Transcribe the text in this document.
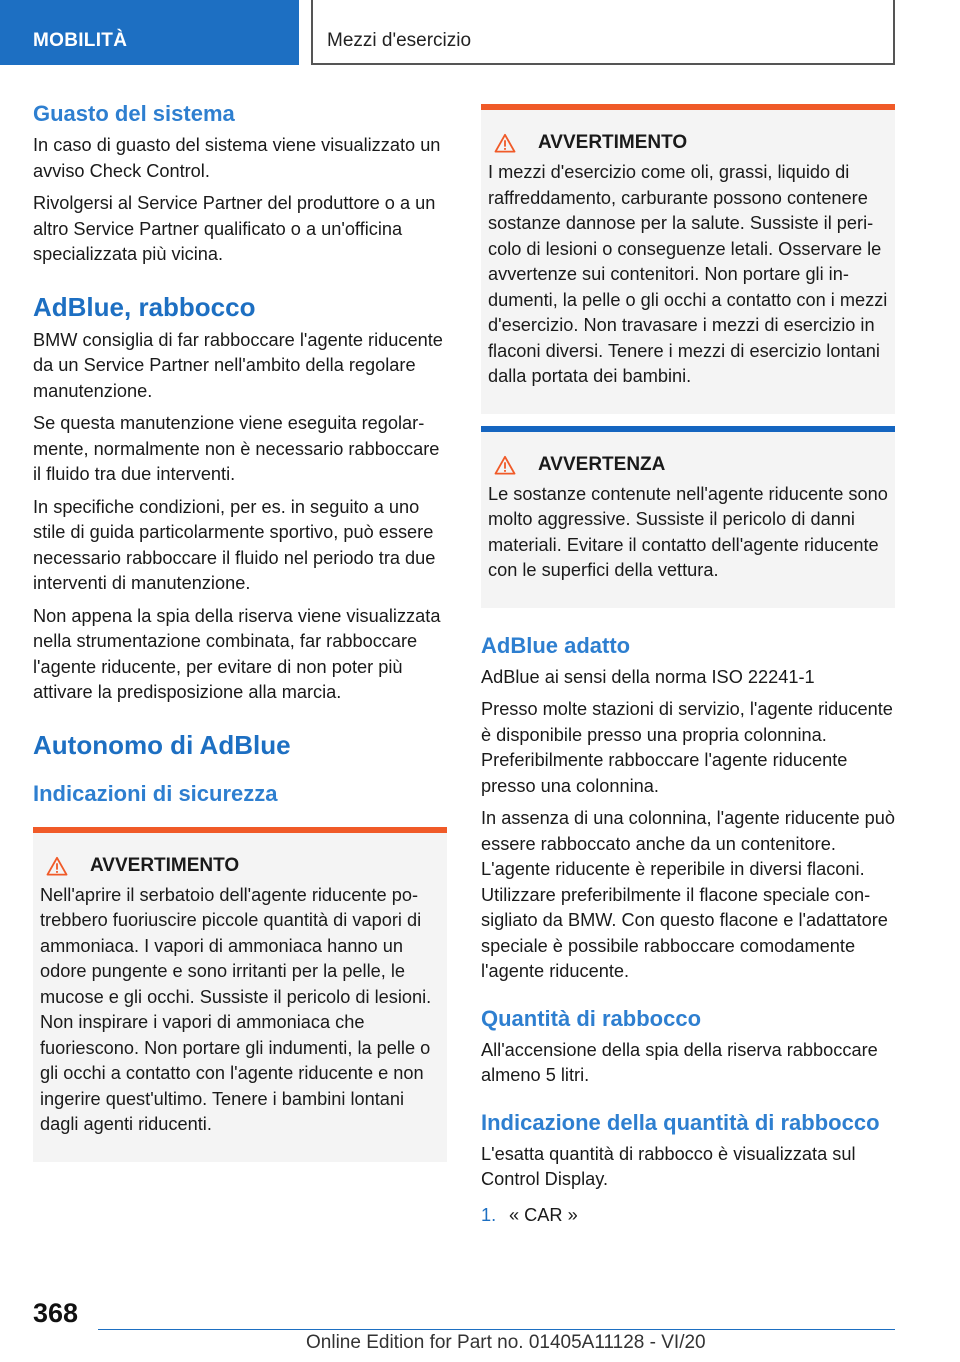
MOBILITÀ	Mezzi d'esercizio
Guasto del sistema
In caso di guasto del sistema viene visualizzato un avviso Check Control.
Rivolgersi al Service Partner del produttore o a un altro Service Partner qualificato o a un'officina specializzata più vicina.
AdBlue, rabbocco
BMW consiglia di far rabboccare l'agente riducente da un Service Partner nell'ambito della regolare manutenzione.
Se questa manutenzione viene eseguita regolarmente, normalmente non è necessario rabboccare il fluido tra due interventi.
In specifiche condizioni, per es. in seguito a uno stile di guida particolarmente sportivo, può essere necessario rabboccare il fluido nel periodo tra due interventi di manutenzione.
Non appena la spia della riserva viene visualizzata nella strumentazione combinata, far rabboccare l'agente riducente, per evitare di non poter più attivare la predisposizione alla marcia.
Autonomo di AdBlue
Indicazioni di sicurezza
AVVERTIMENTO
Nell'aprire il serbatoio dell'agente riducente potrebbero fuoriuscire piccole quantità di vapori di ammoniaca. I vapori di ammoniaca hanno un odore pungente e sono irritanti per la pelle, le mucose e gli occhi. Sussiste il pericolo di lesioni. Non inspirare i vapori di ammoniaca che fuoriescono. Non portare gli indumenti, la pelle o gli occhi a contatto con l'agente riducente e non ingerire quest'ultimo. Tenere i bambini lontani dagli agenti riducenti.
AVVERTIMENTO
I mezzi d'esercizio come oli, grassi, liquido di raffreddamento, carburante possono contenere sostanze dannose per la salute. Sussiste il pericolo di lesioni o conseguenze letali. Osservare le avvertenze sui contenitori. Non portare gli indumenti, la pelle o gli occhi a contatto con i mezzi d'esercizio. Non travasare i mezzi di esercizio in flaconi diversi. Tenere i mezzi di esercizio lontani dalla portata dei bambini.
AVVERTENZA
Le sostanze contenute nell'agente riducente sono molto aggressive. Sussiste il pericolo di danni materiali. Evitare il contatto dell'agente riducente con le superfici della vettura.
AdBlue adatto
AdBlue ai sensi della norma ISO 22241-1
Presso molte stazioni di servizio, l'agente riducente è disponibile presso una propria colonnina. Preferibilmente rabboccare l'agente riducente presso una colonnina.
In assenza di una colonnina, l'agente riducente può essere rabboccato anche da un contenitore. L'agente riducente è reperibile in diversi flaconi. Utilizzare preferibilmente il flacone speciale consigliato da BMW. Con questo flacone e l'adattatore speciale è possibile rabboccare comodamente l'agente riducente.
Quantità di rabbocco
All'accensione della spia della riserva rabboccare almeno 5 litri.
Indicazione della quantità di rabbocco
L'esatta quantità di rabbocco è visualizzata sul Control Display.
1. « CAR »
368
Online Edition for Part no. 01405A11128 - VI/20
